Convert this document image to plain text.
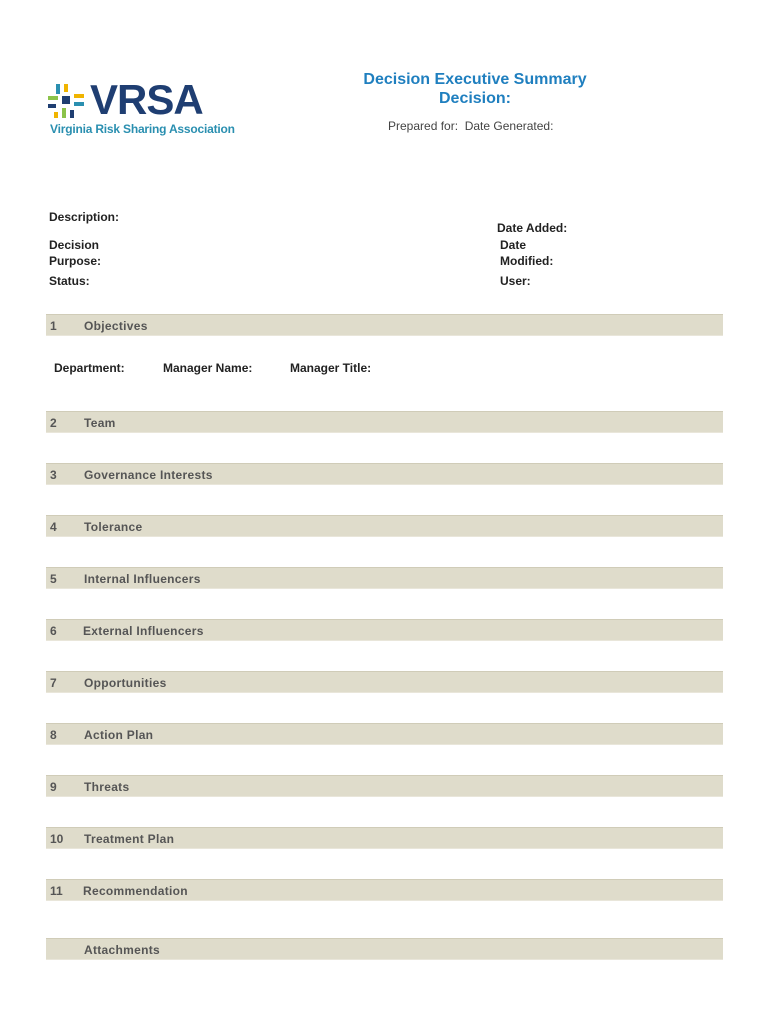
VRSA
Virginia Risk Sharing Association
Decision Executive Summary
Decision:
Prepared for: Date Generated:
Description:
Decision
Purpose:
Status:
Date Added:
Date
Modified:
User:
1 Objectives
Department:	Manager Name:	Manager Title:
2 Team
3 Governance Interests
4 Tolerance
5 Internal Influencers
6 External Influencers
7 Opportunities
8 Action Plan
9 Threats
10 Treatment Plan
11 Recommendation
Attachments
